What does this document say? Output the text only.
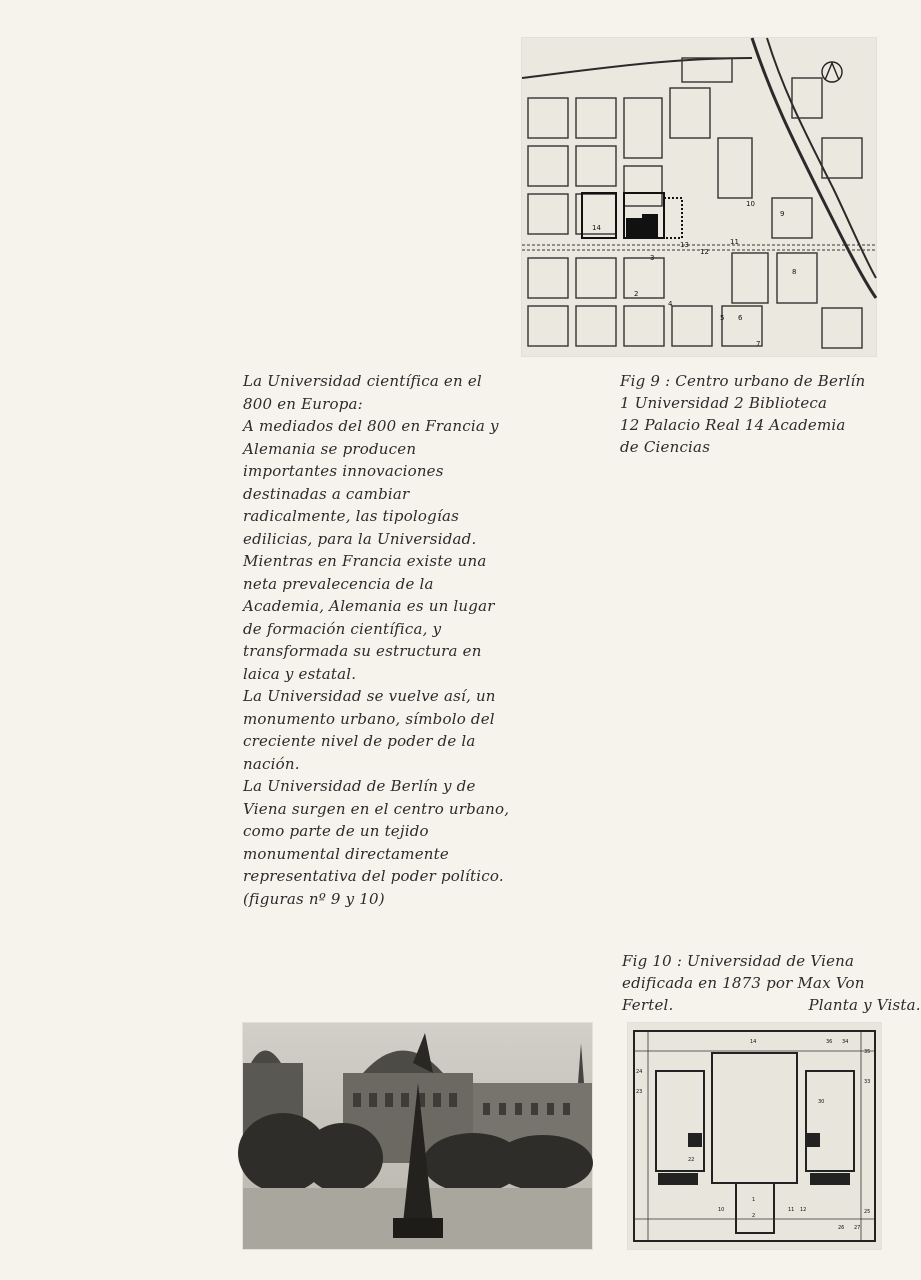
1
2
3
4
5 6
7
8
9
10
11
12
13
14
Fig 9 : Centro urbano de Berlín
1 Universidad 2 Biblioteca
12 Palacio Real 14 Academia
de Ciencias

La Universidad científica en el 800 en Europa:

A mediados del 800 en Francia y Alemania se producen importantes innovaciones destinadas a cambiar radicalmente, las tipologías edilicias, para la Universidad.

Mientras en Francia existe una neta prevalecencia de la Academia, Alemania es un lugar de formación científica, y transformada su estructura en laica y estatal.

La Universidad se vuelve así, un monumento urbano, símbolo del creciente nivel de poder de la nación.

La Universidad de Berlín y de Viena surgen en el centro urbano, como parte de un tejido monumental directamente representativa del poder político. (figuras nº 9 y 10)

Fig 10 : Universidad de Viena edificada en 1873 por Max Von
Fertel.	Planta y Vista.
1
2
10	11 12
14
22
23
24
25
26 27
30
33
34
35
36
